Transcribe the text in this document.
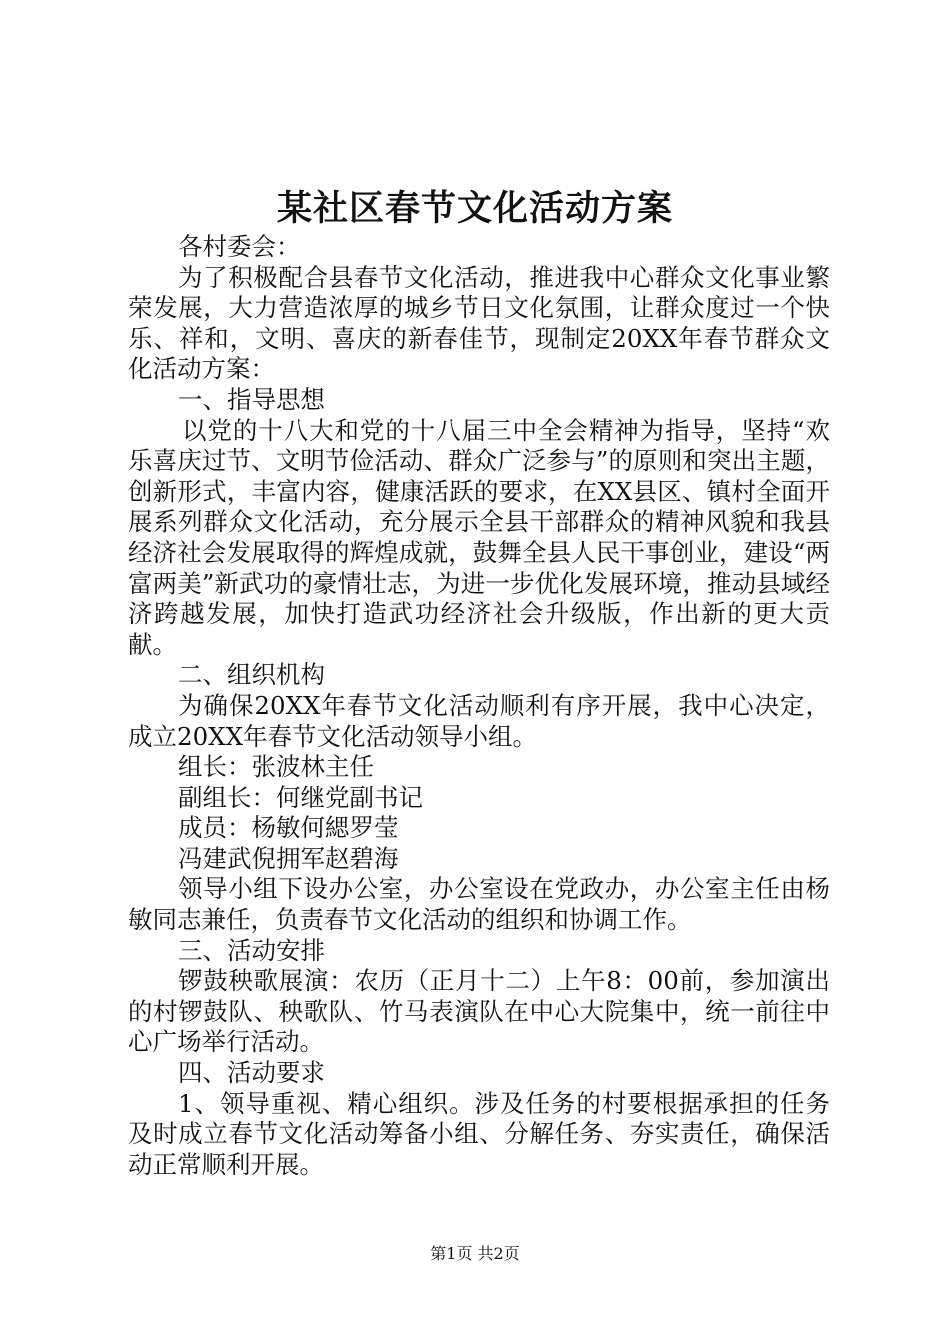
某社区春节文化活动方案

各村委会：

为了积极配合县春节文化活动，推进我中心群众文化事业繁荣发展，大力营造浓厚的城乡节日文化氛围，让群众度过一个快乐、祥和，文明、喜庆的新春佳节，现制定20XX年春节群众文化活动方案：

一、指导思想

以党的十八大和党的十八届三中全会精神为指导，坚持“欢乐喜庆过节、文明节俭活动、群众广泛参与”的原则和突出主题，创新形式，丰富内容，健康活跃的要求，在XX县区、镇村全面开展系列群众文化活动，充分展示全县干部群众的精神风貌和我县经济社会发展取得的辉煌成就，鼓舞全县人民干事创业，建设“两富两美”新武功的豪情壮志，为进一步优化发展环境，推动县域经济跨越发展，加快打造武功经济社会升级版，作出新的更大贡献。

二、组织机构

为确保20XX年春节文化活动顺利有序开展，我中心决定，成立20XX年春节文化活动领导小组。

组长：张波林主任

副组长：何继党副书记

成员：杨敏何緦罗莹

冯建武倪拥军赵碧海

领导小组下设办公室，办公室设在党政办，办公室主任由杨敏同志兼任，负责春节文化活动的组织和协调工作。

三、活动安排

锣鼓秧歌展演：农历（正月十二）上午8：00前，参加演出的村锣鼓队、秧歌队、竹马表演队在中心大院集中，统一前往中心广场举行活动。

四、活动要求

1、领导重视、精心组织。涉及任务的村要根据承担的任务及时成立春节文化活动筹备小组、分解任务、夯实责任，确保活动正常顺利开展。

第1页 共2页
